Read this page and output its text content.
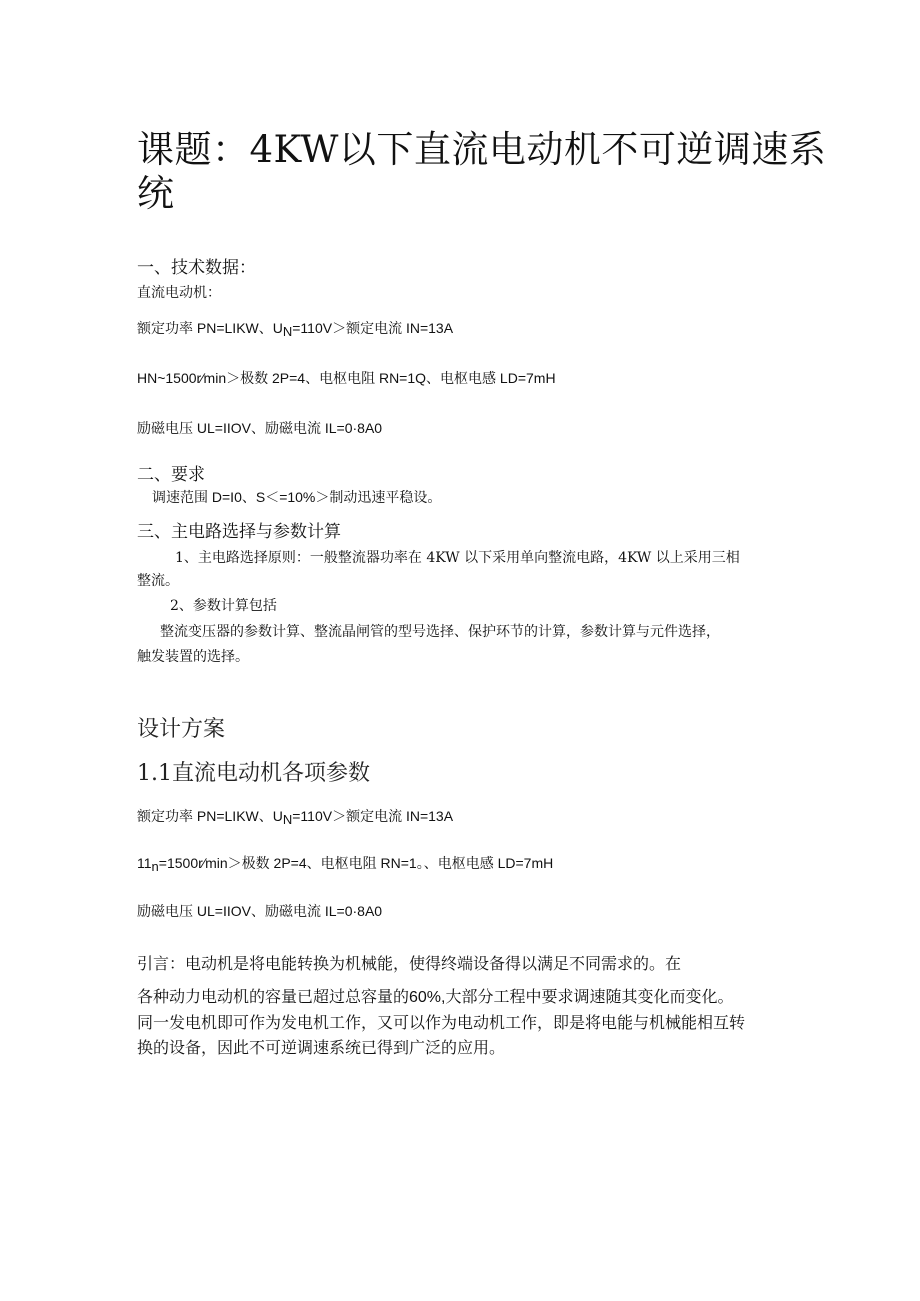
课题：4KW以下直流电动机不可逆调速系
统
一、技术数据：
直流电动机：
额定功率 PN=LIKW、UN=110V＞额定电流 IN=13A
HN~1500r∕min＞极数 2P=4、电枢电阻 RN=1Q、电枢电感 LD=7mH
励磁电压 UL=IIOV、励磁电流 IL=0·8A0
二、要求
调速范围 D=I0、S＜=10%＞制动迅速平稳设。
三、主电路选择与参数计算
1、主电路选择原则：一般整流器功率在 4KW 以下采用单向整流电路，4KW 以上采用三相
整流。
2、参数计算包括
整流变压器的参数计算、整流晶闸管的型号选择、保护环节的计算，参数计算与元件选择，
触发装置的选择。
设计方案
1.1直流电动机各项参数
额定功率 PN=LIKW、UN=110V＞额定电流 IN=13A
11n=1500r∕min＞极数 2P=4、电枢电阻 RN=1。、电枢电感 LD=7mH
励磁电压 UL=IIOV、励磁电流 IL=0·8A0
引言：电动机是将电能转换为机械能，使得终端设备得以满足不同需求的。在
各种动力电动机的容量已超过总容量的60%,大部分工程中要求调速随其变化而变化。
同一发电机即可作为发电机工作，又可以作为电动机工作，即是将电能与机械能相互转
换的设备，因此不可逆调速系统已得到广泛的应用。
